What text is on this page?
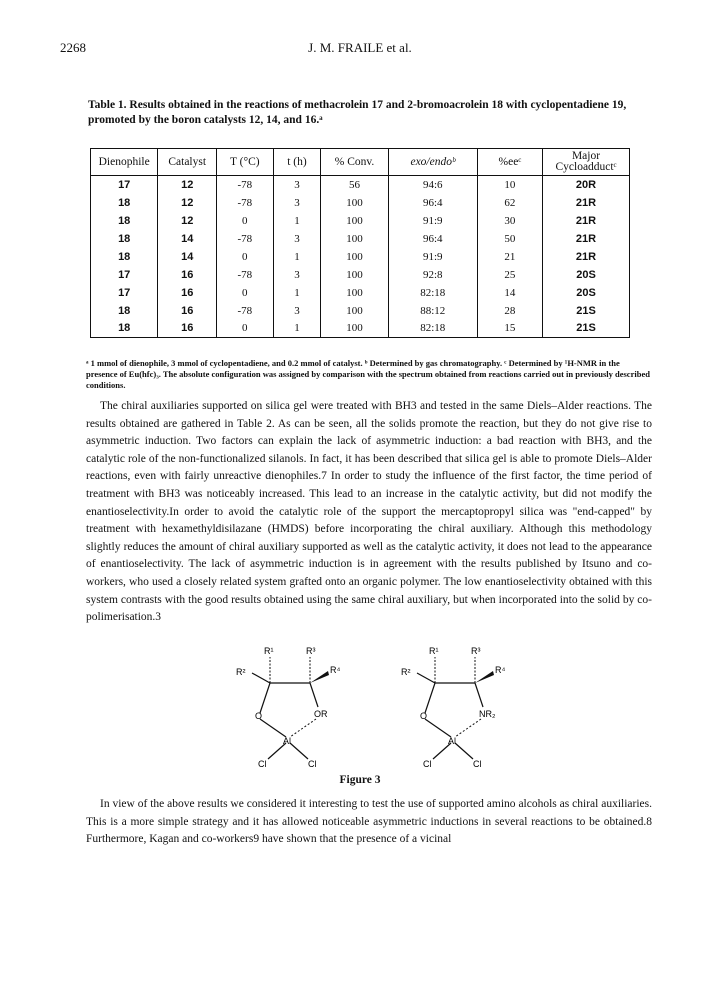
2268	J. M. FRAILE et al.
Table 1. Results obtained in the reactions of methacrolein 17 and 2-bromoacrolein 18 with cyclopentadiene 19, promoted by the boron catalysts 12, 14, and 16.ᵃ
Dienophile	Catalyst	T (°C)	t (h)	% Conv.	exo/endoᵇ	%eeᶜ	Major
Cycloadductᶜ
17	12	-78	3	56	94:6	10	20R
18	12	-78	3	100	96:4	62	21R
18	12	0	1	100	91:9	30	21R
18	14	-78	3	100	96:4	50	21R
18	14	0	1	100	91:9	21	21R
17	16	-78	3	100	92:8	25	20S
17	16	0	1	100	82:18	14	20S
18	16	-78	3	100	88:12	28	21S
18	16	0	1	100	82:18	15	21S
ᵃ 1 mmol of dienophile, 3 mmol of cyclopentadiene, and 0.2 mmol of catalyst. ᵇ Determined by gas chromatography. ᶜ Determined by ¹H-NMR in the presence of Eu(hfc)₃. The absolute configuration was assigned by comparison with the spectrum obtained from reactions carried out in previously described conditions.

The chiral auxiliaries supported on silica gel were treated with BH3 and tested in the same Diels–Alder reactions. The results obtained are gathered in Table 2. As can be seen, all the solids promote the reaction, but they do not give rise to asymmetric induction. Two factors can explain the lack of asymmetric induction: a bad reaction with BH3, and the catalytic role of the non-functionalized silanols. In fact, it has been described that silica gel is able to promote Diels–Alder reactions, even with fairly unreactive dienophiles.7 In order to study the influence of the first factor, the time period of treatment with BH3 was noticeably increased. This lead to an increase in the catalytic activity, but did not modify the enantioselectivity.In order to avoid the catalytic role of the support the mercaptopropyl silica was "end-capped" by treatment with hexamethyldisilazane (HMDS) before incorporating the chiral auxiliary. Although this methodology slightly reduces the amount of chiral auxiliary supported as well as the catalytic activity, it does not lead to the appearance of enantioselectivity. The lack of asymmetric induction is in agreement with the results published by Itsuno and co-workers, who used a closely related system grafted onto an organic polymer. The low enantioselectivity obtained with this system contrasts with the good results obtained using the same chiral auxiliary, but when incorporated into the solid by co-polimerisation.3

R¹
R²
R³
R⁴
O	OR
Al
Cl	Cl
R¹
R²
R³
R⁴
O	NR₂
Al
Cl	Cl
Figure 3

In view of the above results we considered it interesting to test the use of supported amino alcohols as chiral auxiliaries. This is a more simple strategy and it has allowed noticeable asymmetric inductions in several reactions to be obtained.8 Furthermore, Kagan and co-workers9 have shown that the presence of a vicinal
